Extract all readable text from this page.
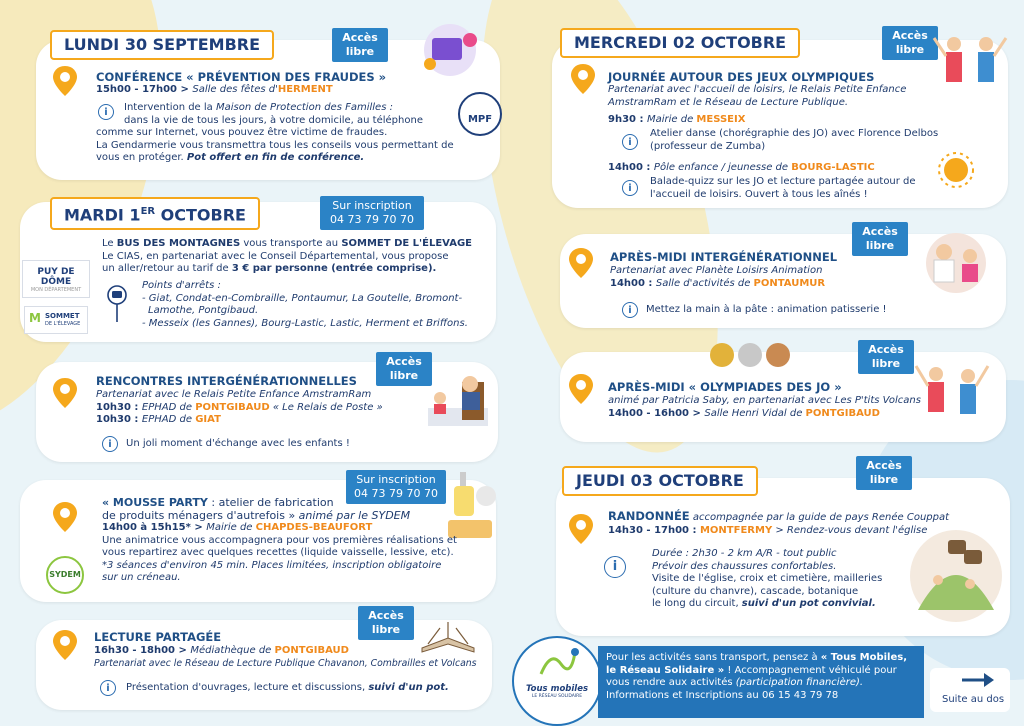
LUNDI 30 SEPTEMBRE	Accès
libre
CONFÉRENCE « PRÉVENTION DES FRAUDES »
15h00 - 17h00 > Salle des fêtes d'HERMENT
i	Intervention de la Maison de Protection des Familles :
dans la vie de tous les jours, à votre domicile, au téléphone
comme sur Internet, vous pouvez être victime de fraudes.
La Gendarmerie vous transmettra tous les conseils vous permettant de
vous en protéger. Pot offert en fin de conférence.
MPF
MARDI 1ER OCTOBRE	Sur inscription
04 73 79 70 70
PUY DE DÔME
MON DÉPARTEMENT
M SOMMET
DE L'ÉLEVAGE
Le BUS DES MONTAGNES vous transporte au SOMMET DE L'ÉLEVAGE
Le CIAS, en partenariat avec le Conseil Départemental, vous propose
un aller/retour au tarif de 3 € par personne (entrée comprise).
Points d'arrêts :
- Giat, Condat-en-Combraille, Pontaumur, La Goutelle, Bromont-
Lamothe, Pontgibaud.
- Messeix (les Gannes), Bourg-Lastic, Lastic, Herment et Briffons.
Accès
libre
RENCONTRES INTERGÉNÉRATIONNELLES
Partenariat avec le Relais Petite Enfance AmstramRam
10h30 : EPHAD de PONTGIBAUD « Le Relais de Poste »
10h30 : EPHAD de GIAT
i	Un joli moment d'échange avec les enfants !
Sur inscription
04 73 79 70 70
SYDEM
« MOUSSE PARTY : atelier de fabrication
de produits ménagers d'autrefois » animé par le SYDEM
14h00 à 15h15* > Mairie de CHAPDES-BEAUFORT
Une animatrice vous accompagnera pour vos premières réalisations et
vous repartirez avec quelques recettes (liquide vaisselle, lessive, etc).
*3 séances d'environ 45 min. Places limitées, inscription obligatoire
sur un créneau.
Accès
libre
LECTURE PARTAGÉE
16h30 - 18h00 > Médiathèque de PONTGIBAUD
Partenariat avec le Réseau de Lecture Publique Chavanon, Combrailles et Volcans
i	Présentation d'ouvrages, lecture et discussions, suivi d'un pot.
MERCREDI 02 OCTOBRE	Accès
libre
JOURNÉE AUTOUR DES JEUX OLYMPIQUES
Partenariat avec l'accueil de loisirs, le Relais Petite Enfance
AmstramRam et le Réseau de Lecture Publique.
9h30 : Mairie de MESSEIX
i
Atelier danse (chorégraphie des JO) avec Florence Delbos
(professeur de Zumba)
14h00 : Pôle enfance / jeunesse de BOURG-LASTIC
i
Balade-quizz sur les JO et lecture partagée autour de
l'accueil de loisirs. Ouvert à tous les aînés !
Accès
libre
APRÈS-MIDI INTERGÉNÉRATIONNEL
Partenariat avec Planète Loisirs Animation
14h00 : Salle d'activités de PONTAUMUR
i	Mettez la main à la pâte : animation patisserie !
Accès
libre
APRÈS-MIDI « OLYMPIADES DES JO »
animé par Patricia Saby, en partenariat avec Les P'tits Volcans
14h00 - 16h00 > Salle Henri Vidal de PONTGIBAUD
JEUDI 03 OCTOBRE
Accès
libre
RANDONNÉE accompagnée par la guide de pays Renée Couppat
14h30 - 17h00 : MONTFERMY > Rendez-vous devant l'église
i
Durée : 2h30 - 2 km A/R - tout public
Prévoir des chaussures confortables.
Visite de l'église, croix et cimetière, mailleries
(culture du chanvre), cascade, botanique
le long du circuit, suivi d'un pot convivial.
Tous mobiles
LE RÉSEAU SOLIDAIRE
Pour les activités sans transport, pensez à « Tous Mobiles,
le Réseau Solidaire » ! Accompagnement véhiculé pour
vous rendre aux activités (participation financière).
Informations et Inscriptions au 06 15 43 79 78	Suite au dos
